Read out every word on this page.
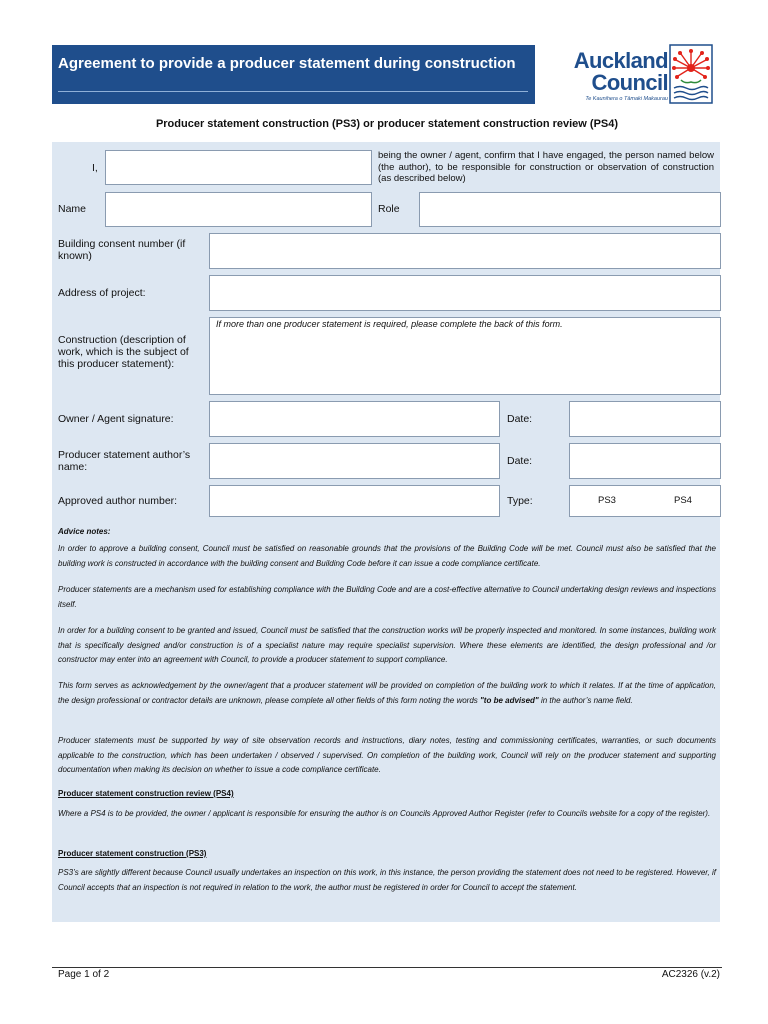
Agreement to provide a producer statement during construction	Auckland
Council
Te Kaunihera o Tāmaki Makaurau
Producer statement construction (PS3) or producer statement construction review (PS4)
I,
being the owner / agent, confirm that I have engaged, the person named below (the author), to be responsible for construction or observation of construction (as described below)
Name	Role
Building consent number (if known)
Address of project:
Construction (description of work, which is the subject of this producer statement):
If more than one producer statement is required, please complete the back of this form.
Owner / Agent signature:	Date:
Producer statement author’s name:	Date:
Approved author number:	Type:	PS3	PS4
Advice notes:
In order to approve a building consent, Council must be satisfied on reasonable grounds that the provisions of the Building Code will be met. Council must also be satisfied that the building work is constructed in accordance with the building consent and Building Code before it can issue a code compliance certificate.
Producer statements are a mechanism used for establishing compliance with the Building Code and are a cost-effective alternative to Council undertaking design reviews and inspections itself.
In order for a building consent to be granted and issued, Council must be satisfied that the construction works will be properly inspected and monitored. In some instances, building work that is specifically designed and/or construction is of a specialist nature may require specialist supervision. Where these elements are identified, the design professional and /or constructor may enter into an agreement with Council, to provide a producer statement to support compliance.
This form serves as acknowledgement by the owner/agent that a producer statement will be provided on completion of the building work to which it relates. If at the time of application, the design professional or contractor details are unknown, please complete all other fields of this form noting the words "to be advised" in the author’s name field.
Producer statements must be supported by way of site observation records and instructions, diary notes, testing and commissioning certificates, warranties, or such documents applicable to the construction, which has been undertaken / observed / supervised. On completion of the building work, Council will rely on the producer statement and supporting documentation when making its decision on whether to issue a code compliance certificate.
Producer statement construction review (PS4)
Where a PS4 is to be provided, the owner / applicant is responsible for ensuring the author is on Councils Approved Author Register (refer to Councils website for a copy of the register).
Producer statement construction (PS3)
PS3’s are slightly different because Council usually undertakes an inspection on this work, in this instance, the person providing the statement does not need to be registered. However, if Council accepts that an inspection is not required in relation to the work, the author must be registered in order for Council to accept the statement.
Page 1 of 2	AC2326 (v.2)
